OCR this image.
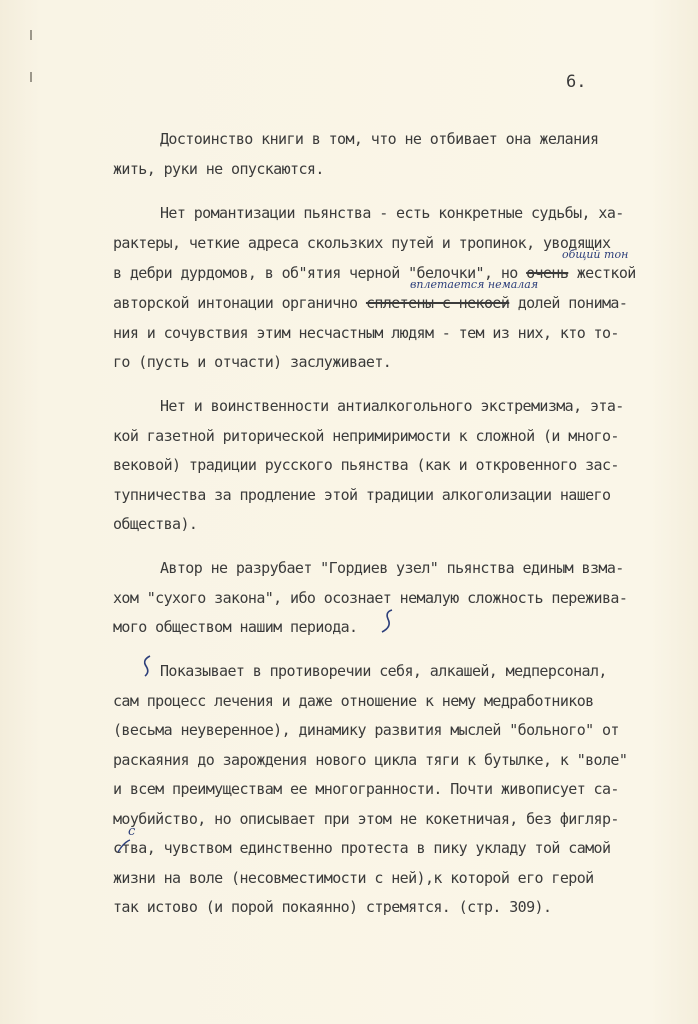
6.
Достоинство книги в том, что не отбивает она желания
жить, руки не опускаются.
Нет романтизации пьянства - есть конкретные судьбы, ха-
рактеры, четкие адреса скользких путей и тропинок, уводящих
общий тон
в дебри дурдомов, в об"ятия черной "белочки", но очень жесткой
вплетается немалая
авторской интонации органично сплетены с некоей долей понима-
ния и сочувствия этим несчастным людям - тем из них, кто то-
го (пусть и отчасти) заслуживает.
Нет и воинственности антиалкогольного экстремизма, эта-
кой газетной риторической непримиримости к сложной (и много-
вековой) традиции русского пьянства (как и откровенного зас-
тупничества за продление этой традиции алкоголизации нашего
общества).
Автор не разрубает "Гордиев узел" пьянства единым взма-
хом "сухого закона", ибо осознает немалую сложность пережива-
мого обществом нашим периода.
Показывает в противоречии себя, алкашей, медперсонал,
сам процесс лечения и даже отношение к нему медработников
(весьма неувереннoe), динамику развития мыслей "больного" от
раскаяния до зарождения нового цикла тяги к бутылке, к "воле"
и всем преимуществам ее многогранности. Почти живописует са-
моубийство, но описывает при этом не кокетничая, без фигляр-
с
ства, чувством единственно протеста в пику укладу той самой
жизни на воле (несовместимости с ней),к которой его герой
так истово (и порой покаянно) стремятся. (стр. 309).
